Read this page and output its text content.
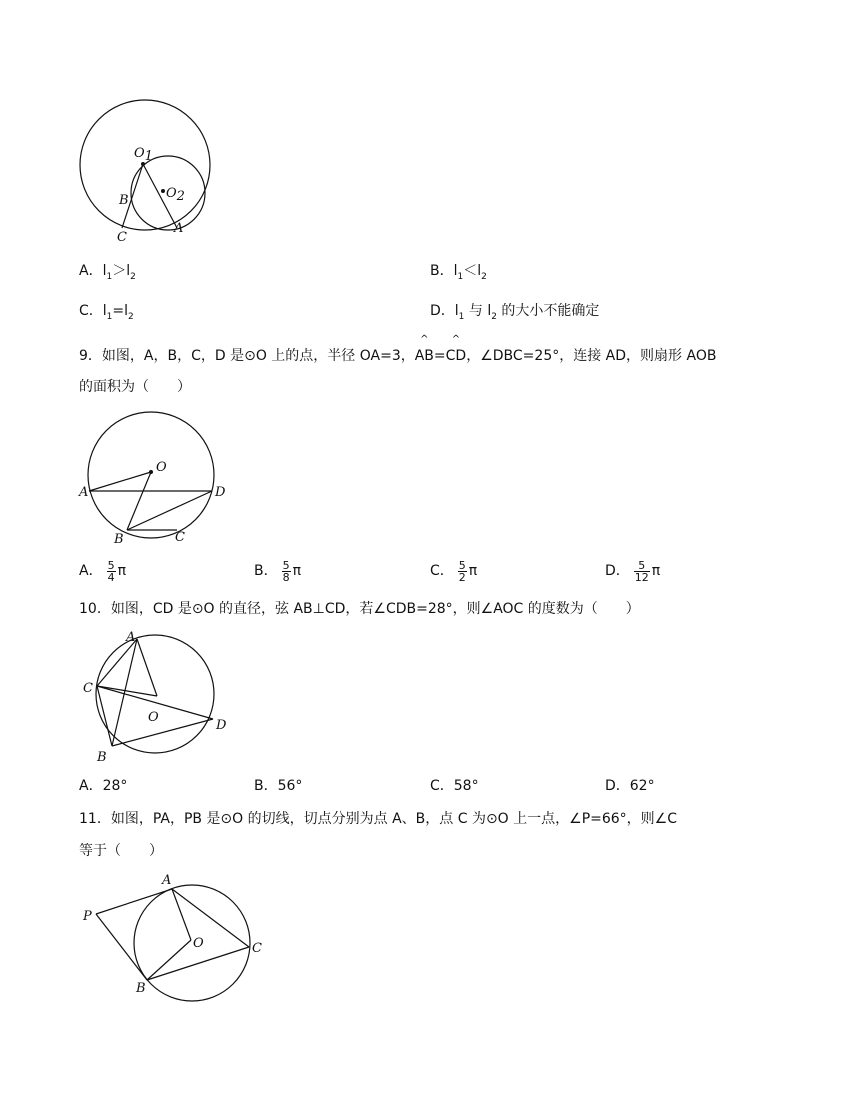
O1
O2
B
C
A
A．$l_1>l_2$	B．$l_1<l_2$
C．$l_1=l_2$	D．$l_1$ 与 $l_2$ 的大小不能确定
9．如图，A，B，C，D 是⊙O 上的点，半径 OA=3，
^
AB=
^
CD，∠DBC=25°，连接 AD，则扇形 AOB
的面积为（　　）
O
A	D
B	C
A． $\frac{5}{4}$ π	B． $\frac{5}{8}$ π	C． $\frac{5}{2}$ π	D． $\frac{5}{12}$ π
10．如图，CD 是⊙O 的直径，弦 AB⊥CD，若∠CDB=28°，则∠AOC 的度数为（　　）
A
C
O
D
B
A．28°	B．56°	C．58°	D．62°
11．如图，PA，PB 是⊙O 的切线，切点分别为点 A、B，点 C 为⊙O 上一点，∠P=66°，则∠C
等于（　　）
A
P
O	C
B
